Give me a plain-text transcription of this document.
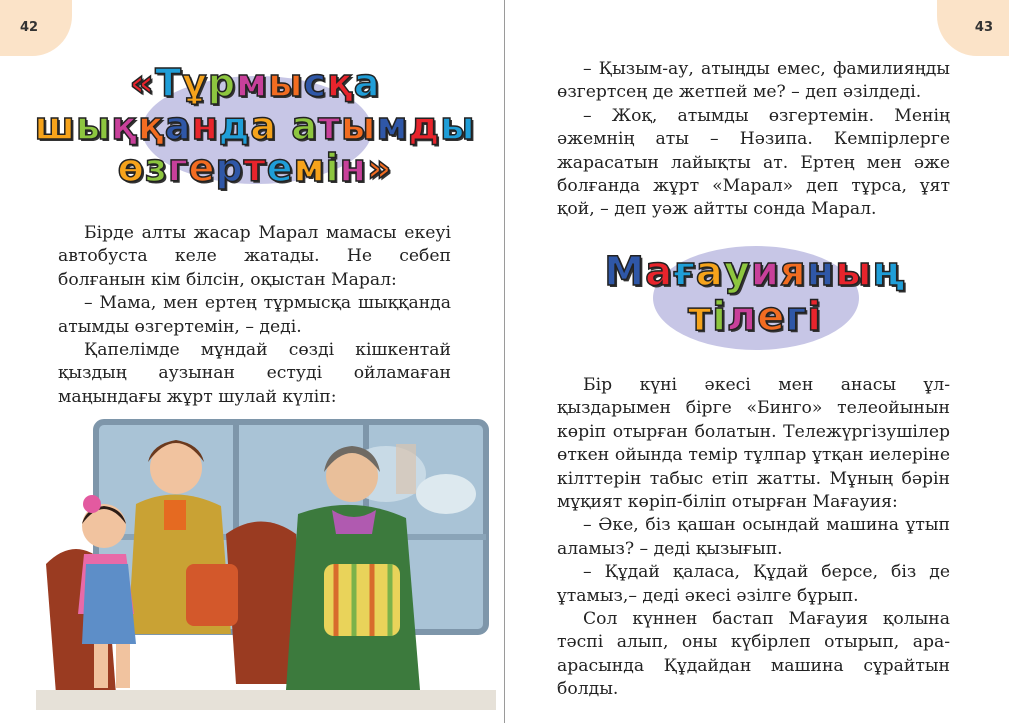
42
«Тұрмысқа
шыққанда атымды
өзгертемін»

Бірде алты жасар Марал мамасы екеуі автобуста келе жатады. Не себеп болғанын кім білсін, оқыстан Марал:

– Мама, мен ертең тұрмысқа шыққанда атымды өзгертемін, – деді.

Қапелімде мұндай сөзді кішкентай қыздың аузынан естуді ойламаған маңындағы жұрт шулай күліп:

43

– Қызым-ау, атыңды емес, фамилияңды өзгертсең де жетпей ме? – деп әзілдеді.

– Жоқ, атымды өзгертемін. Менің әжемнің аты – Нәзипа. Кемпірлерге жарасатын лайықты ат. Ертең мен әже болғанда жұрт «Марал» деп тұрса, ұят қой, – деп уәж айтты сонда Марал.

Мағауияның
тілегі

Бір күні әкесі мен анасы ұл-қыздарымен бірге «Бинго» телеойынын көріп отырған болатын. Тележүргізушілер өткен ойында темір тұлпар ұтқан иелеріне кілттерін табыс етіп жатты. Мұның бәрін мұқият көріп-біліп отырған Мағауия:

– Әке, біз қашан осындай машина ұтып аламыз? – деді қызығып.

– Құдай қаласа, Құдай берсе, біз де ұтамыз,– деді әкесі әзілге бұрып.

Сол күннен бастап Мағауия қолына тәспі алып, оны күбірлеп отырып, ара-арасында Құдайдан машина сұрайтын болды.
